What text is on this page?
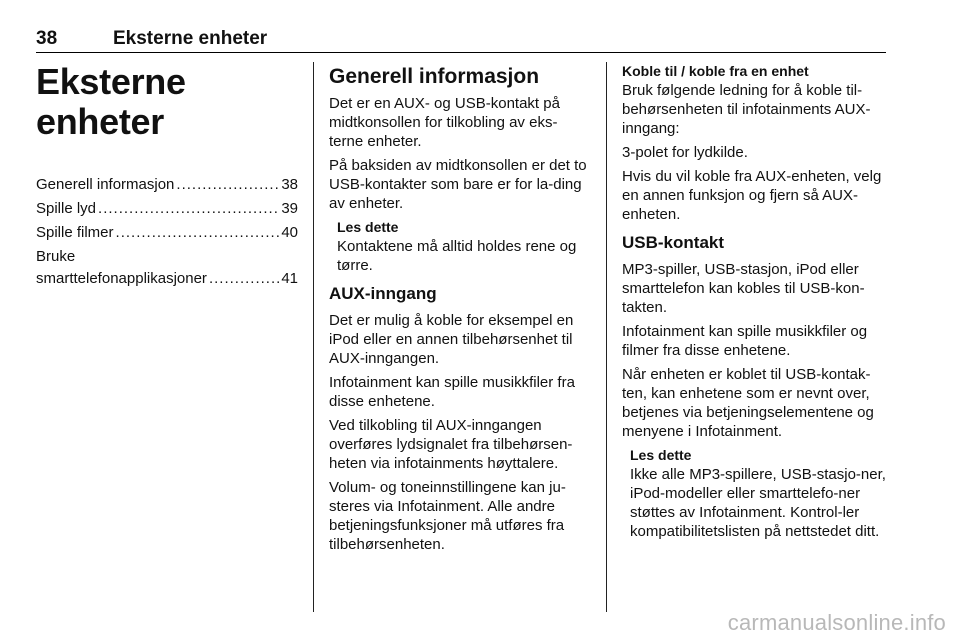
38	Eksterne enheter
Eksterne enheter
Generell informasjon .....	38
Spille lyd .....	39
Spille filmer .....	40
Bruke
smarttelefonapplikasjoner .....	41
Generell informasjon

Det er en AUX- og USB-kontakt på midtkonsollen for tilkobling av eks-terne enheter.

På baksiden av midtkonsollen er det to USB-kontakter som bare er for la-ding av enheter.

Les dette

Kontaktene må alltid holdes rene og tørre.

AUX-inngang

Det er mulig å koble for eksempel en iPod eller en annen tilbehørsenhet til AUX-inngangen.

Infotainment kan spille musikkfiler fra disse enhetene.

Ved tilkobling til AUX-inngangen overføres lydsignalet fra tilbehørsen-heten via infotainments høyttalere.

Volum- og toneinnstillingene kan ju-steres via Infotainment. Alle andre betjeningsfunksjoner må utføres fra tilbehørsenheten.

Koble til / koble fra en enhet

Bruk følgende ledning for å koble til-behørsenheten til infotainments AUX-inngang:

3-polet for lydkilde.

Hvis du vil koble fra AUX-enheten, velg en annen funksjon og fjern så AUX-enheten.

USB-kontakt

MP3-spiller, USB-stasjon, iPod eller smarttelefon kan kobles til USB-kon-takten.

Infotainment kan spille musikkfiler og filmer fra disse enhetene.

Når enheten er koblet til USB-kontak-ten, kan enhetene som er nevnt over, betjenes via betjeningselementene og menyene i Infotainment.

Les dette

Ikke alle MP3-spillere, USB-stasjo-ner, iPod-modeller eller smarttelefo-ner støttes av Infotainment. Kontrol-ler kompatibilitetslisten på nettstedet ditt.

carmanualsonline.info
